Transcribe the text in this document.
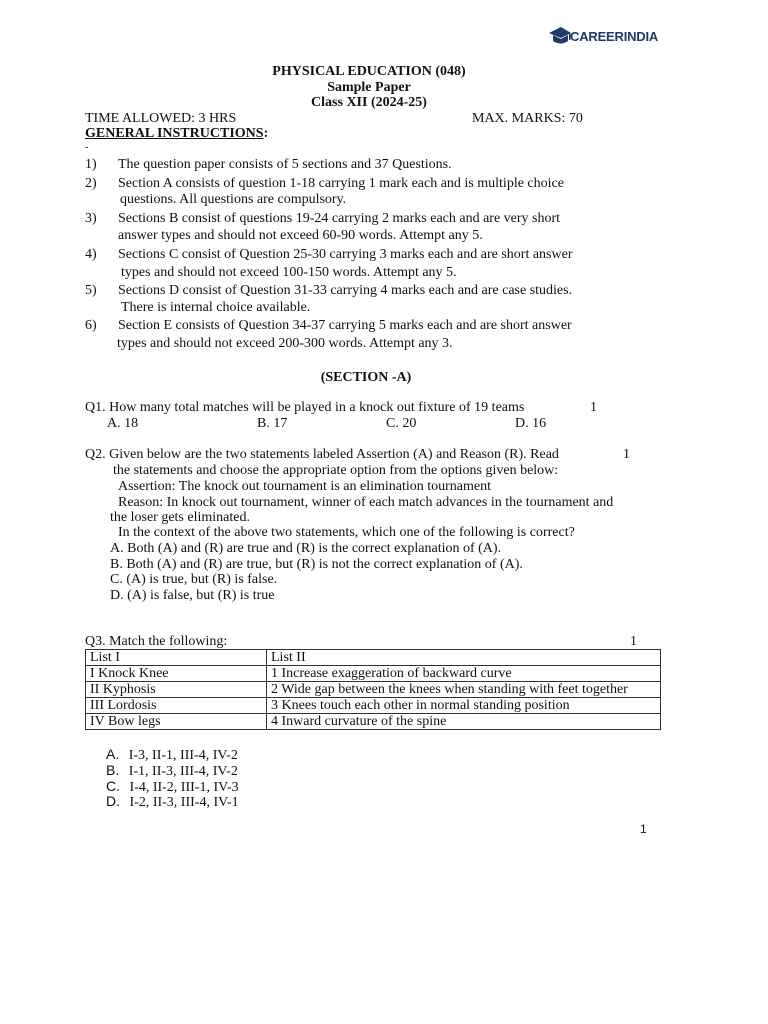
CAREERINDIA
PHYSICAL EDUCATION (048)
Sample Paper
Class XII (2024-25)
TIME ALLOWED: 3 HRS	MAX. MARKS: 70
GENERAL INSTRUCTIONS:
-
1) The question paper consists of 5 sections and 37 Questions.
2) Section A consists of question 1-18 carrying 1 mark each and is multiple choice
questions. All questions are compulsory.
3) Sections B consist of questions 19-24 carrying 2 marks each and are very short
answer types and should not exceed 60-90 words. Attempt any 5.
4) Sections C consist of Question 25-30 carrying 3 marks each and are short answer
types and should not exceed 100-150 words. Attempt any 5.
5) Sections D consist of Question 31-33 carrying 4 marks each and are case studies.
There is internal choice available.
6) Section E consists of Question 34-37 carrying 5 marks each and are short answer
types and should not exceed 200-300 words. Attempt any 3.
(SECTION -A)
Q1. How many total matches will be played in a knock out fixture of 19 teams	1
A. 18	B. 17	C. 20	D. 16
Q2. Given below are the two statements labeled Assertion (A) and Reason (R). Read	1
the statements and choose the appropriate option from the options given below:
Assertion: The knock out tournament is an elimination tournament
Reason: In knock out tournament, winner of each match advances in the tournament and
the loser gets eliminated.
In the context of the above two statements, which one of the following is correct?
A. Both (A) and (R) are true and (R) is the correct explanation of (A).
B. Both (A) and (R) are true, but (R) is not the correct explanation of (A).
C. (A) is true, but (R) is false.
D. (A) is false, but (R) is true
Q3. Match the following:	1
List I	List II
I Knock Knee	1 Increase exaggeration of backward curve
II Kyphosis	2 Wide gap between the knees when standing with feet together
III Lordosis	3 Knees touch each other in normal standing position
IV Bow legs	4 Inward curvature of the spine
A. I-3, II-1, III-4, IV-2
B. I-1, II-3, III-4, IV-2
C. I-4, II-2, III-1, IV-3
D. I-2, II-3, III-4, IV-1
1
